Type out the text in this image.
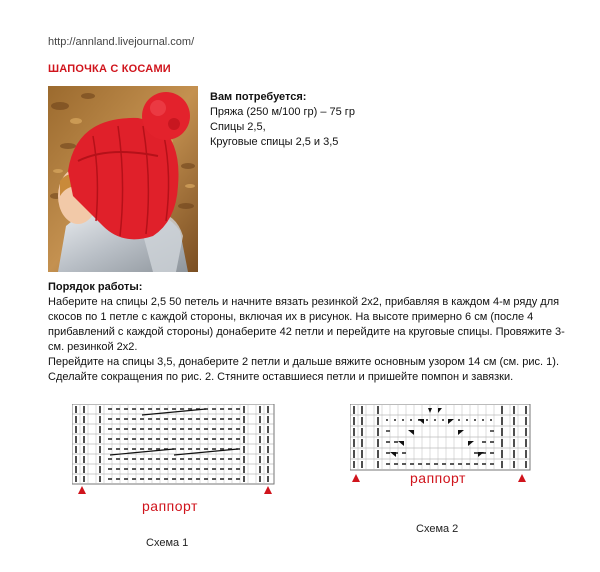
http://annland.livejournal.com/
ШАПОЧКА С КОСАМИ
Вам потребуется:
Пряжа (250 м/100 гр) – 75 гр
Спицы 2,5,
Круговые спицы 2,5 и 3,5
Порядок работы:

Наберите на спицы 2,5 50 петель и начните вязать резинкой 2х2, прибавляя в каждом 4-м ряду для скосов по 1 петле с каждой стороны, включая их в рисунок. На высоте примерно 6 см (после 4 прибавлений с каждой стороны) донаберите 42 петли и перейдите на круговые спицы. Провяжите 3- см. резинкой 2х2.

Перейдите на спицы 3,5, донаберите 2 петли и дальше вяжите основным узором 14 см (см. рис. 1). Сделайте сокращения по рис. 2. Стяните оставшиеся петли и пришейте помпон и завязки.

раппорт
Схема 1
раппорт
Схема 2
